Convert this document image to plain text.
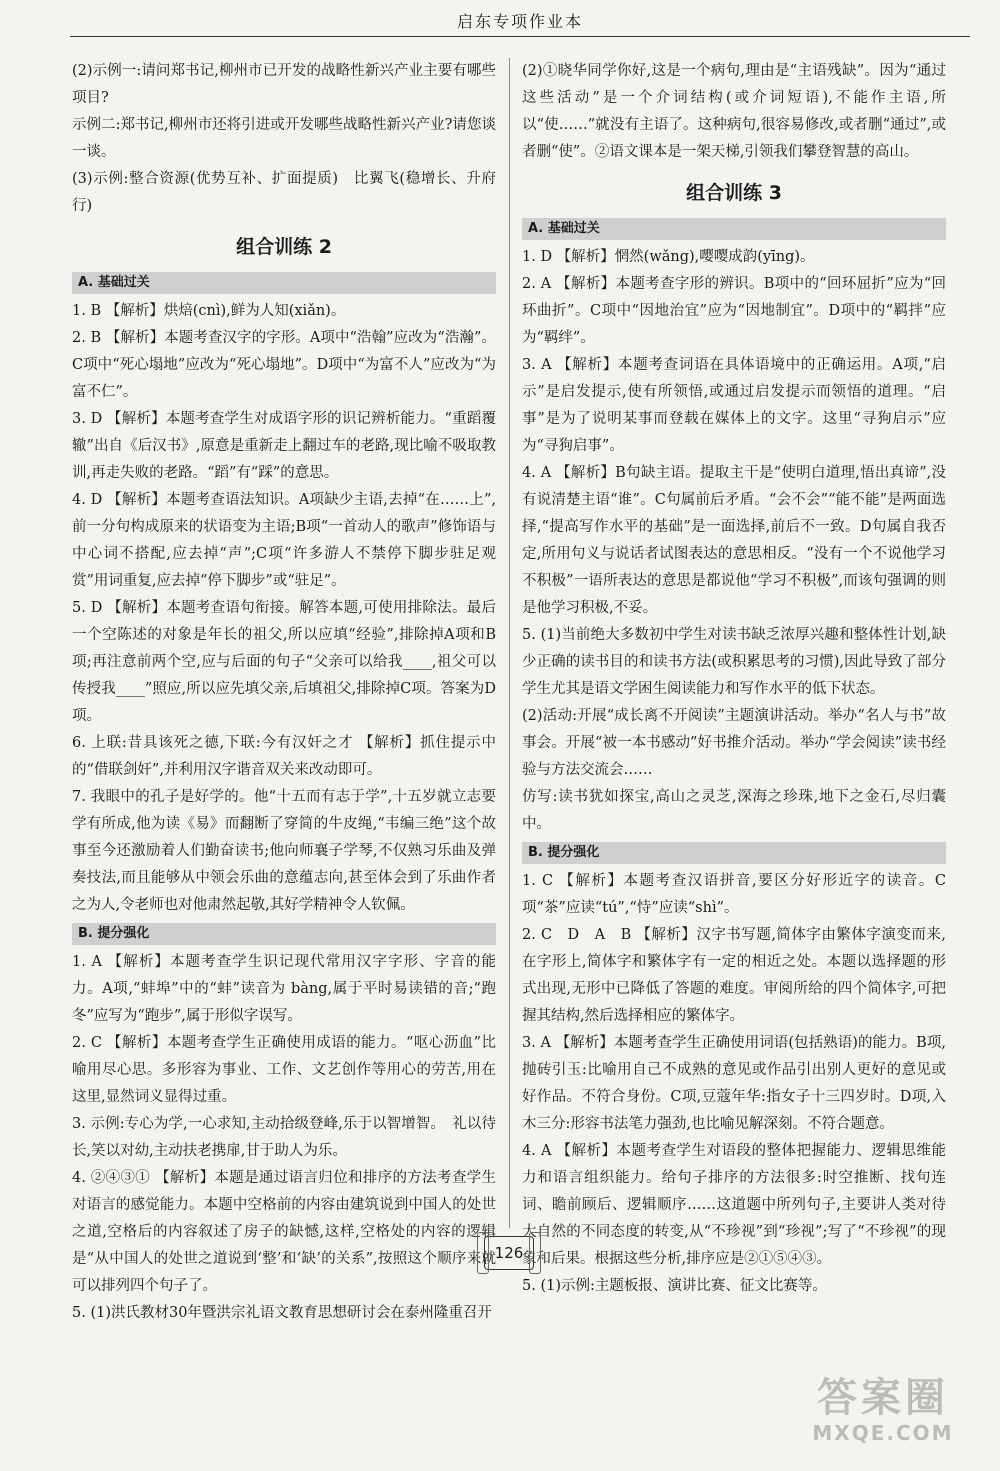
启东专项作业本

(2)示例一:请问郑书记,柳州市已开发的战略性新兴产业主要有哪些项目?

示例二:郑书记,柳州市还将引进或开发哪些战略性新兴产业?请您谈一谈。

(3)示例:整合资源(优势互补、扩面提质)　比翼飞(稳增长、升府行)

组合训练 2
A. 基础过关

1. B 【解析】烘焙(cnì),鲜为人知(xiǎn)。

2. B 【解析】本题考查汉字的字形。A项中“浩翰”应改为“浩瀚”。C项中“死心塌地”应改为“死心塌地”。D项中“为富不人”应改为“为富不仁”。

3. D 【解析】本题考查学生对成语字形的识记辨析能力。“重蹈覆辙”出自《后汉书》,原意是重新走上翻过车的老路,现比喻不吸取教训,再走失败的老路。“蹈”有“踩”的意思。

4. D 【解析】本题考查语法知识。A项缺少主语,去掉“在……上”,前一分句构成原来的状语变为主语;B项“一首动人的歌声”修饰语与中心词不搭配,应去掉“声”;C项“许多游人不禁停下脚步驻足观赏”用词重复,应去掉“停下脚步”或“驻足”。

5. D 【解析】本题考查语句衔接。解答本题,可使用排除法。最后一个空陈述的对象是年长的祖父,所以应填“经验”,排除掉A项和B项;再注意前两个空,应与后面的句子“父亲可以给我____,祖父可以传授我____”照应,所以应先填父亲,后填祖父,排除掉C项。答案为D项。

6. 上联:昔具该死之德,下联:今有汉奸之才 【解析】抓住提示中的“借联剑奸”,并利用汉字谐音双关来改动即可。

7. 我眼中的孔子是好学的。他“十五而有志于学”,十五岁就立志要学有所成,他为读《易》而翻断了穿简的牛皮绳,“韦编三绝”这个故事至今还激励着人们勤奋读书;他向师襄子学琴,不仅熟习乐曲及弹奏技法,而且能够从中领会乐曲的意蕴志向,甚至体会到了乐曲作者之为人,令老师也对他肃然起敬,其好学精神令人钦佩。

B. 提分强化

1. A 【解析】本题考查学生识记现代常用汉字字形、字音的能力。A项,“蚌埠”中的“蚌”读音为 bàng,属于平时易读错的音;“跑冬”应写为“跑步”,属于形似字误写。

2. C 【解析】本题考查学生正确使用成语的能力。“呕心沥血”比喻用尽心思。多形容为事业、工作、文艺创作等用心的劳苦,用在这里,显然词义显得过重。

3. 示例:专心为学,一心求知,主动拾级登峰,乐于以智增智。　礼以待长,笑以对幼,主动扶老携扉,甘于助人为乐。

4. ②④③① 【解析】本题是通过语言归位和排序的方法考查学生对语言的感觉能力。本题中空格前的内容由建筑说到中国人的处世之道,空格后的内容叙述了房子的缺憾,这样,空格处的内容的逻辑是“从中国人的处世之道说到‘整’和‘缺’的关系”,按照这个顺序来就可以排列四个句子了。

5. (1)洪氏教材30年暨洪宗礼语文教育思想研讨会在泰州隆重召开

(2)①晓华同学你好,这是一个病句,理由是“主语残缺”。因为“通过这些活动”是一个介词结构(或介词短语),不能作主语,所以“使……”就没有主语了。这种病句,很容易修改,或者删“通过”,或者删“使”。②语文课本是一架天梯,引领我们攀登智慧的高山。

组合训练 3
A. 基础过关

1. D 【解析】惘然(wǎng),嘤嘤成韵(yīng)。

2. A 【解析】本题考查字形的辨识。B项中的“回环屈折”应为“回环曲折”。C项中“因地治宜”应为“因地制宜”。D项中的“羁拌”应为“羁绊”。

3. A 【解析】本题考查词语在具体语境中的正确运用。A项,“启示”是启发提示,使有所领悟,或通过启发提示而领悟的道理。“启事”是为了说明某事而登载在媒体上的文字。这里“寻狗启示”应为“寻狗启事”。

4. A 【解析】B句缺主语。提取主干是“使明白道理,悟出真谛”,没有说清楚主语“谁”。C句属前后矛盾。“会不会”“能不能”是两面选择,“提高写作水平的基础”是一面选择,前后不一致。D句属自我否定,所用句义与说话者试图表达的意思相反。“没有一个不说他学习不积极”一语所表达的意思是都说他“学习不积极”,而该句强调的则是他学习积极,不妥。

5. (1)当前绝大多数初中学生对读书缺乏浓厚兴趣和整体性计划,缺少正确的读书目的和读书方法(或积累思考的习惯),因此导致了部分学生尤其是语文学困生阅读能力和写作水平的低下状态。

(2)活动:开展“成长离不开阅读”主题演讲活动。举办“名人与书”故事会。开展“被一本书感动”好书推介活动。举办“学会阅读”读书经验与方法交流会……

仿写:读书犹如探宝,高山之灵芝,深海之珍珠,地下之金石,尽归囊中。

B. 提分强化

1. C 【解析】本题考查汉语拼音,要区分好形近字的读音。C项“茶”应读“tú”,“恃”应读“shì”。

2. C　D　A　B 【解析】汉字书写题,简体字由繁体字演变而来,在字形上,简体字和繁体字有一定的相近之处。本题以选择题的形式出现,无形中已降低了答题的难度。审阅所给的四个简体字,可把握其结构,然后选择相应的繁体字。

3. A 【解析】本题考查学生正确使用词语(包括熟语)的能力。B项,抛砖引玉:比喻用自己不成熟的意见或作品引出别人更好的意见或好作品。不符合身份。C项,豆蔻年华:指女子十三四岁时。D项,入木三分:形容书法笔力强劲,也比喻见解深刻。不符合题意。

4. A 【解析】本题考查学生对语段的整体把握能力、逻辑思维能力和语言组织能力。给句子排序的方法很多:时空推断、找句连词、瞻前顾后、逻辑顺序……这道题中所列句子,主要讲人类对待大自然的不同态度的转变,从“不珍视”到“珍视”;写了“不珍视”的现象和后果。根据这些分析,排序应是②①⑤④③。

5. (1)示例:主题板报、演讲比赛、征文比赛等。

126
答案圈
MXQE.COM
